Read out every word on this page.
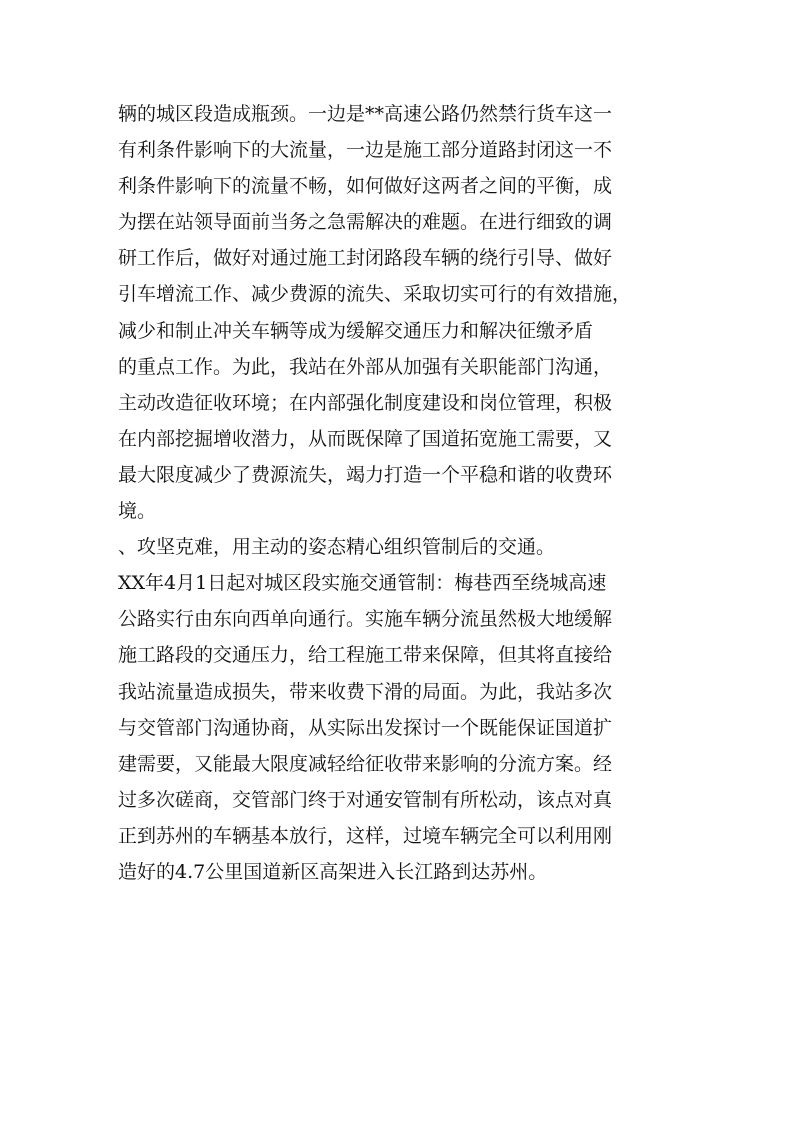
辆的城区段造成瓶颈。一边是**高速公路仍然禁行货车这一
有利条件影响下的大流量，一边是施工部分道路封闭这一不
利条件影响下的流量不畅，如何做好这两者之间的平衡，成
为摆在站领导面前当务之急需解决的难题。在进行细致的调
研工作后，做好对通过施工封闭路段车辆的绕行引导、做好
引车增流工作、减少费源的流失、采取切实可行的有效措施，
减少和制止冲关车辆等成为缓解交通压力和解决征缴矛盾
的重点工作。为此，我站在外部从加强有关职能部门沟通，
主动改造征收环境；在内部强化制度建设和岗位管理，积极
在内部挖掘增收潜力，从而既保障了国道拓宽施工需要，又
最大限度减少了费源流失，竭力打造一个平稳和谐的收费环
境。
、攻坚克难，用主动的姿态精心组织管制后的交通。
XX年4月1日起对城区段实施交通管制：梅巷西至绕城高速
公路实行由东向西单向通行。实施车辆分流虽然极大地缓解
施工路段的交通压力，给工程施工带来保障，但其将直接给
我站流量造成损失，带来收费下滑的局面。为此，我站多次
与交管部门沟通协商，从实际出发探讨一个既能保证国道扩
建需要，又能最大限度减轻给征收带来影响的分流方案。经
过多次磋商，交管部门终于对通安管制有所松动，该点对真
正到苏州的车辆基本放行，这样，过境车辆完全可以利用刚
造好的4.7公里国道新区高架进入长江路到达苏州。
